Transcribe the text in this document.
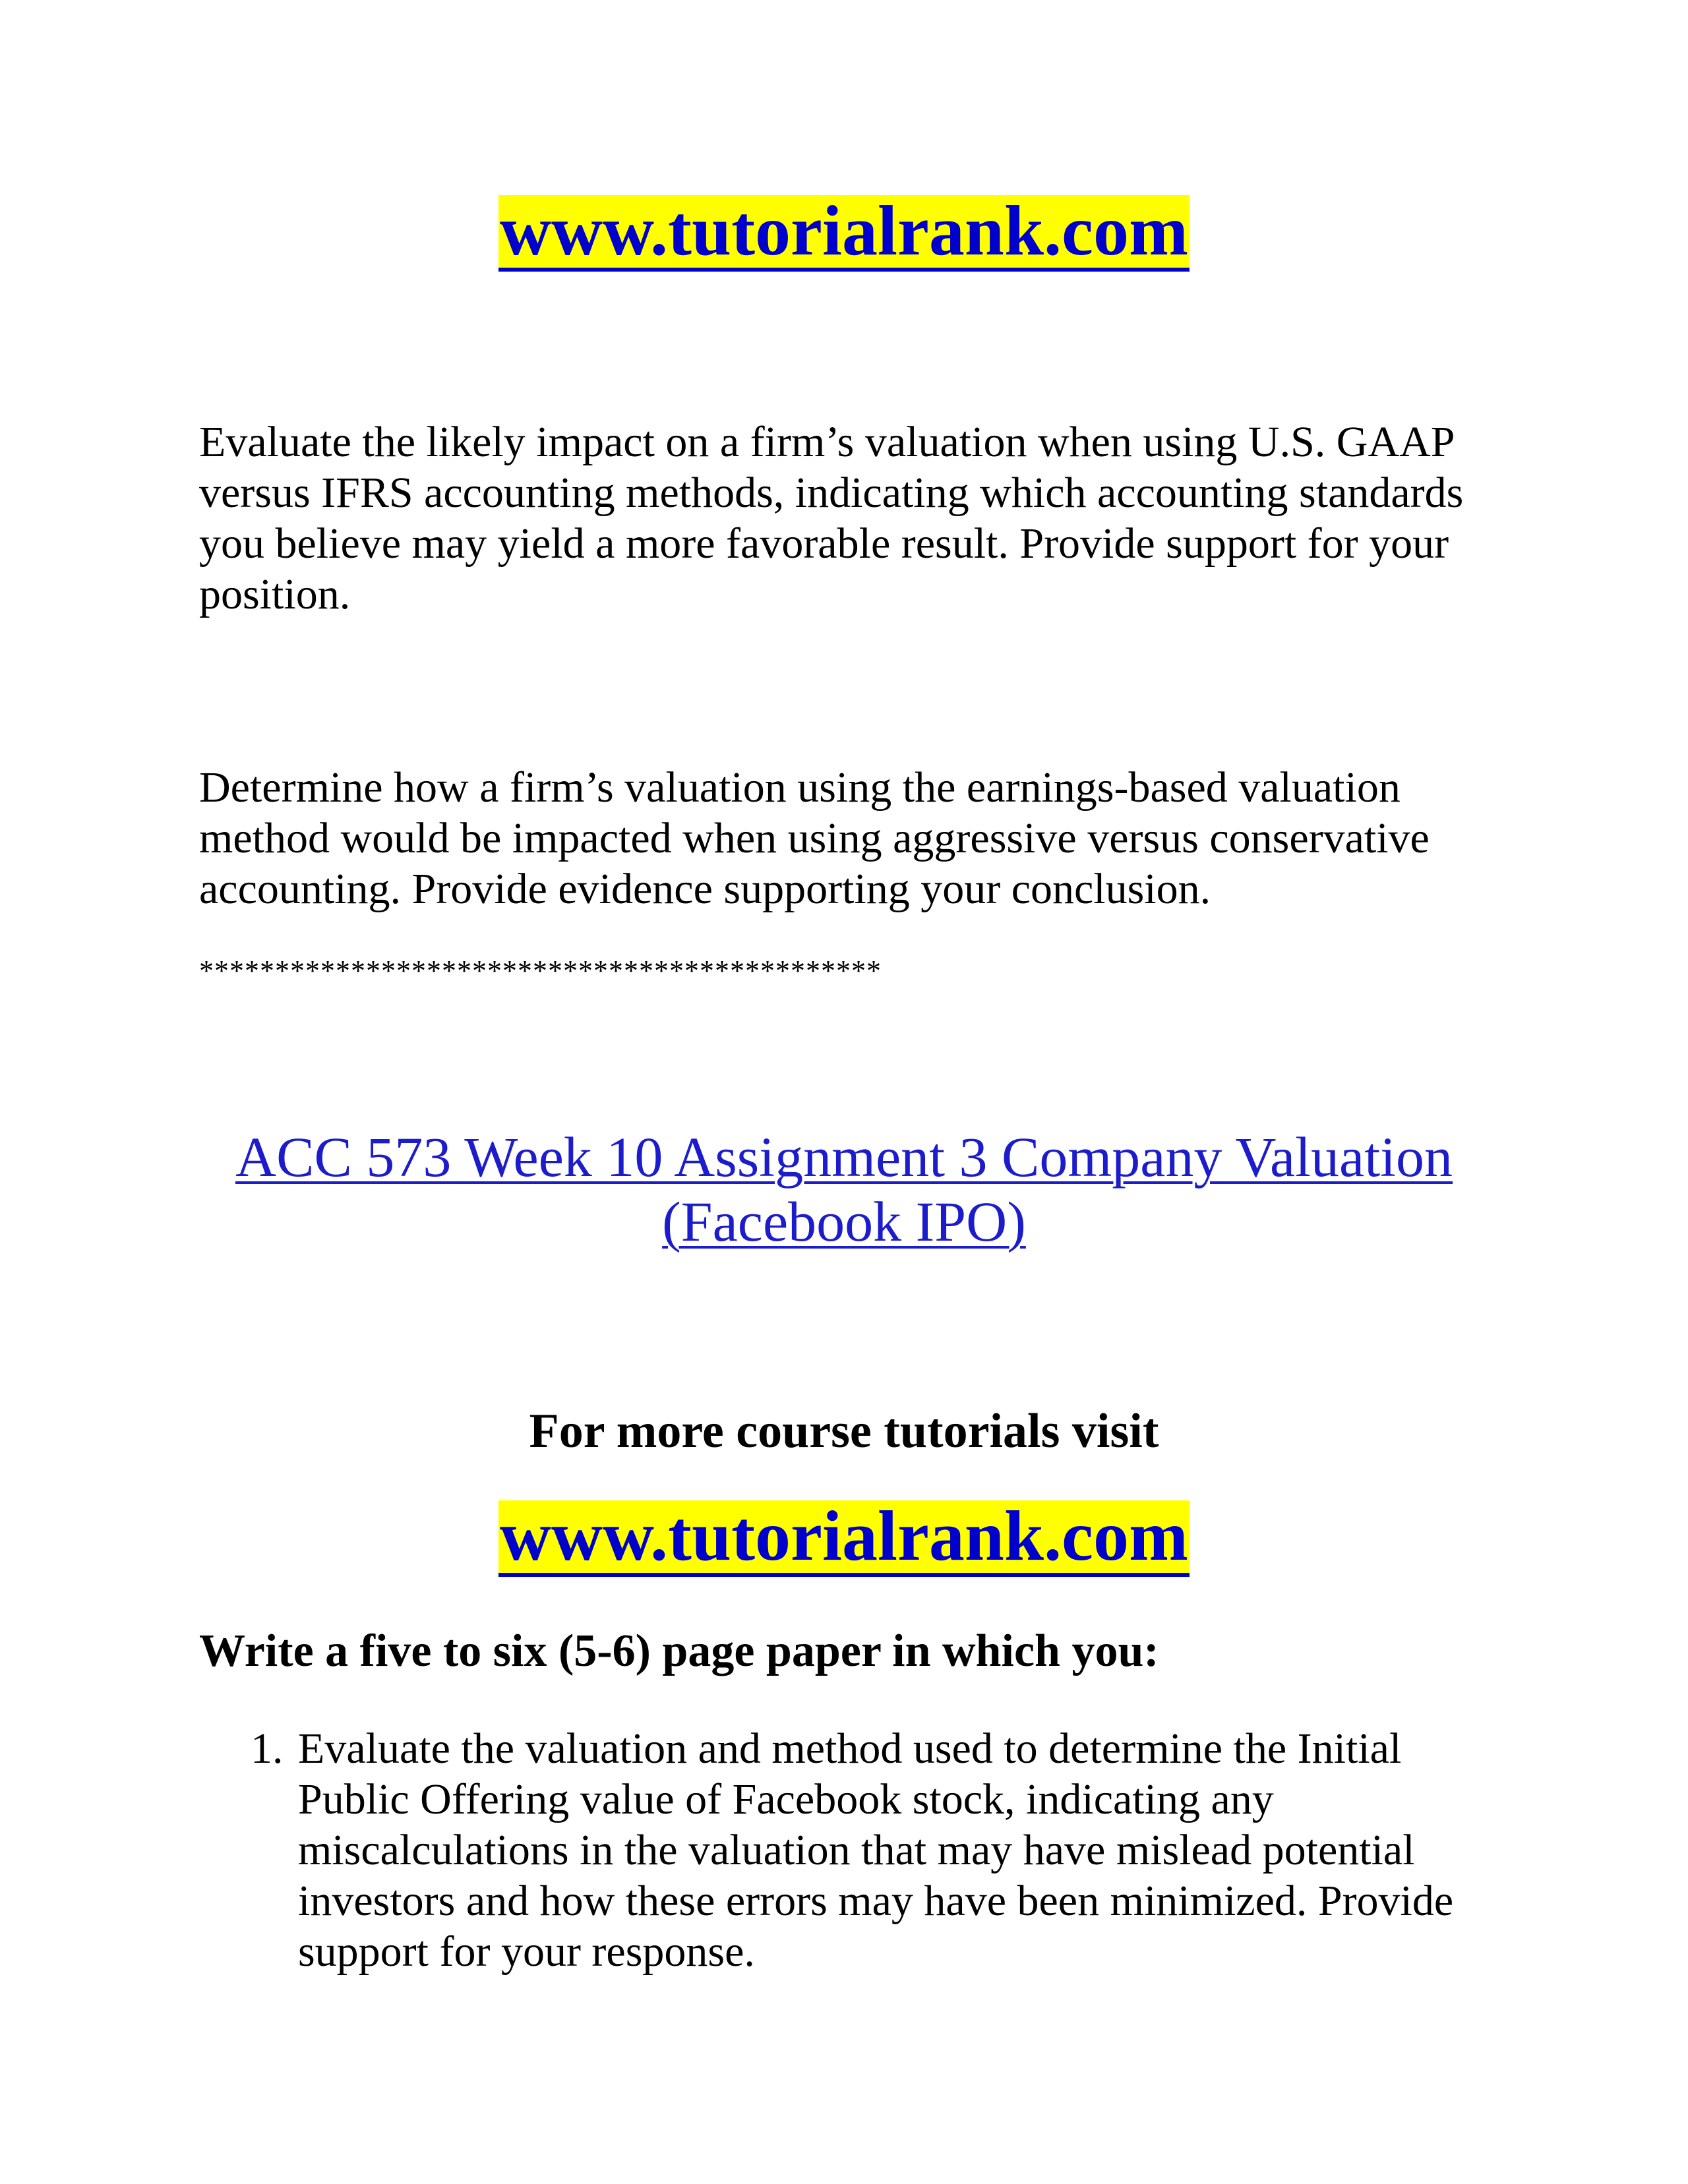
www.tutorialrank.com

Evaluate the likely impact on a firm’s valuation when using U.S. GAAP versus IFRS accounting methods, indicating which accounting standards you believe may yield a more favorable result. Provide support for your position.

Determine how a firm’s valuation using the earnings-based valuation method would be impacted when using aggressive versus conservative accounting. Provide evidence supporting your conclusion.

*********************************************

ACC 573 Week 10 Assignment 3 Company Valuation
(Facebook IPO)

For more course tutorials visit

www.tutorialrank.com

Write a five to six (5-6) page paper in which you:

1. Evaluate the valuation and method used to determine the Initial Public Offering value of Facebook stock, indicating any miscalculations in the valuation that may have mislead potential investors and how these errors may have been minimized. Provide support for your response.
